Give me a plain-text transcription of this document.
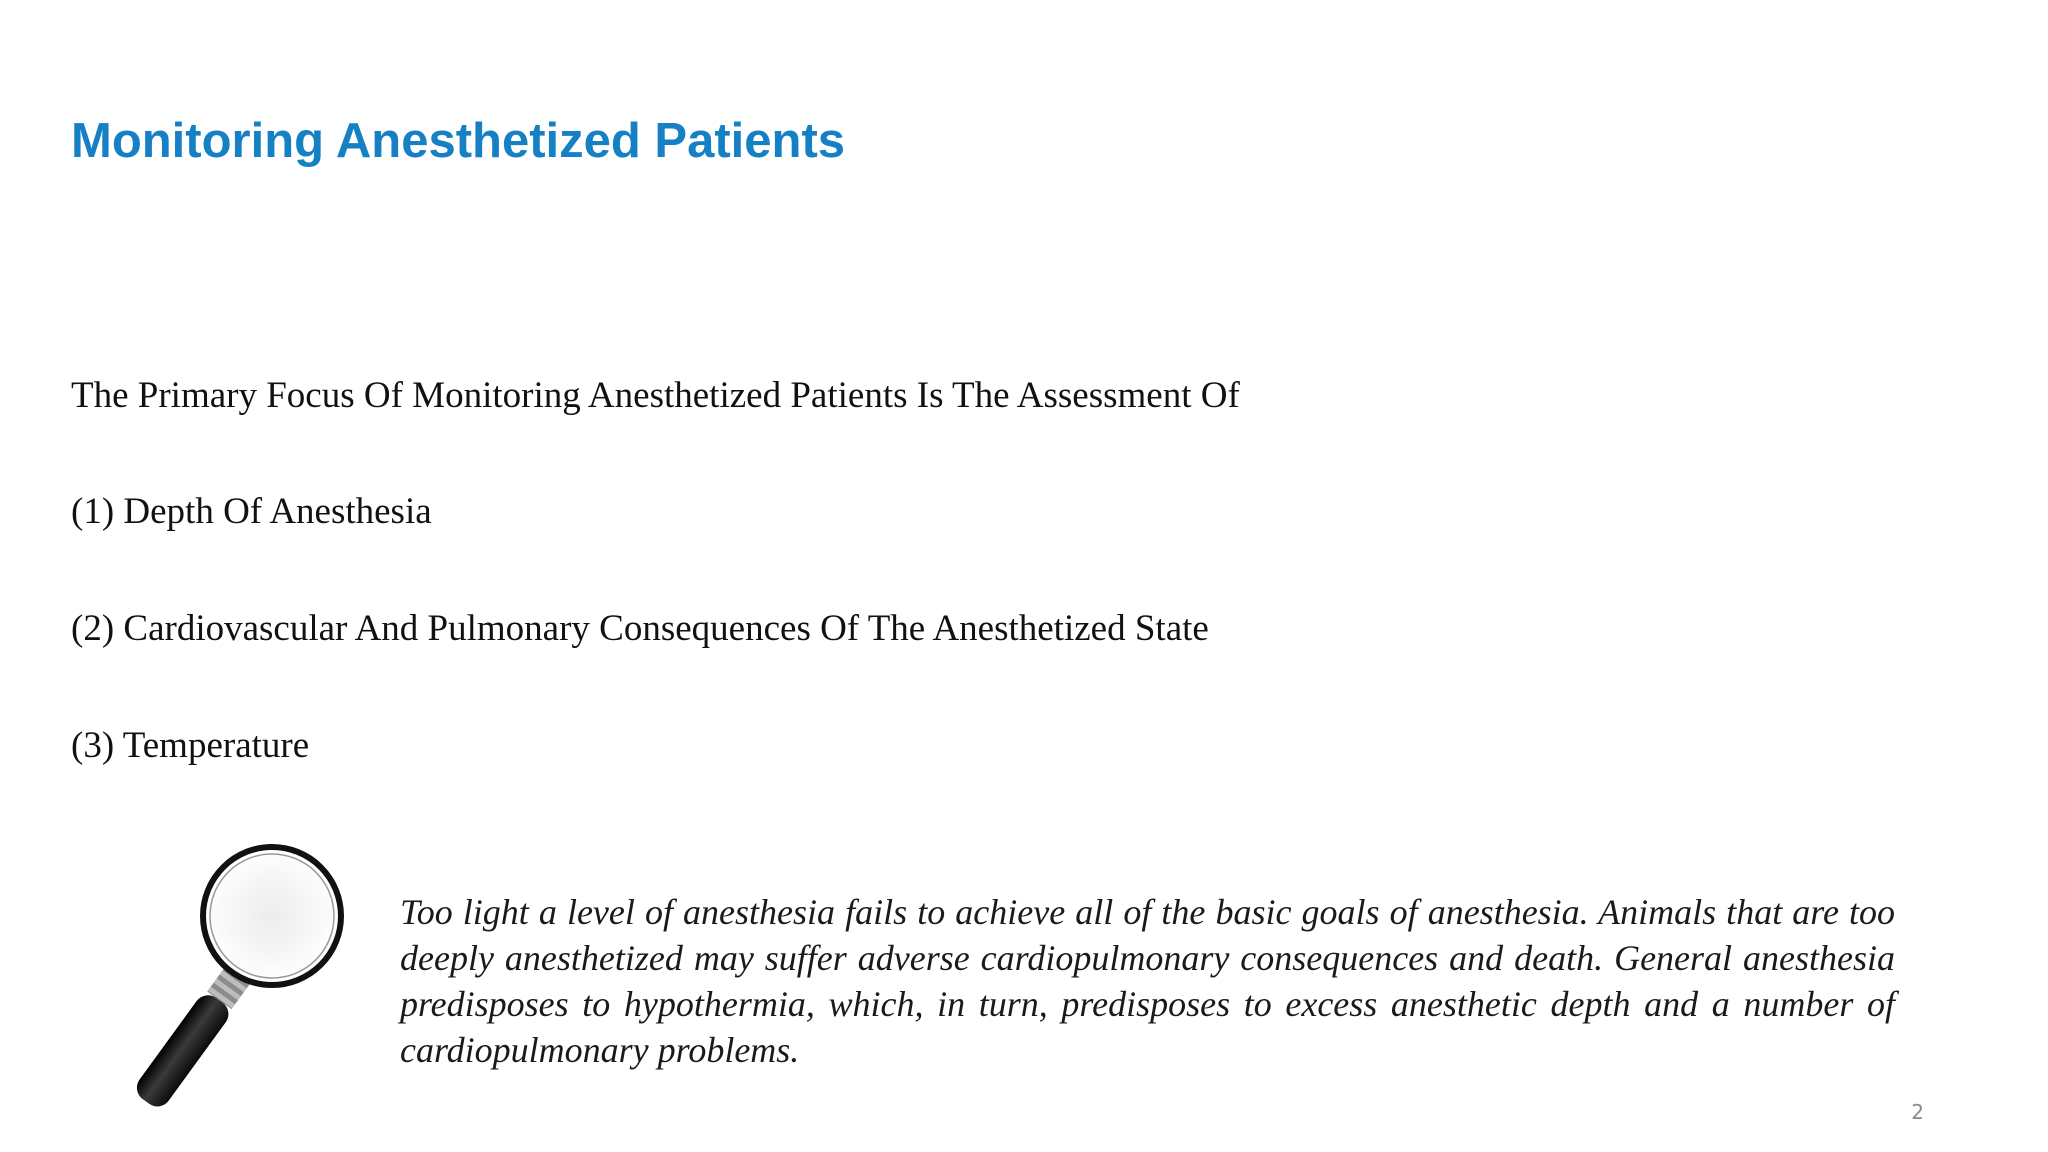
Monitoring Anesthetized Patients

The Primary Focus Of Monitoring Anesthetized Patients Is The Assessment Of

(1) Depth Of Anesthesia

(2) Cardiovascular And Pulmonary Consequences Of The Anesthetized State

(3) Temperature

Too light a level of anesthesia fails to achieve all of the basic goals of anesthesia. Animals that are too deeply anesthetized may suffer adverse cardiopulmonary consequences and death. General anesthesia predisposes to hypothermia, which, in turn, predisposes to excess anesthetic depth and a number of cardiopulmonary problems.

2
